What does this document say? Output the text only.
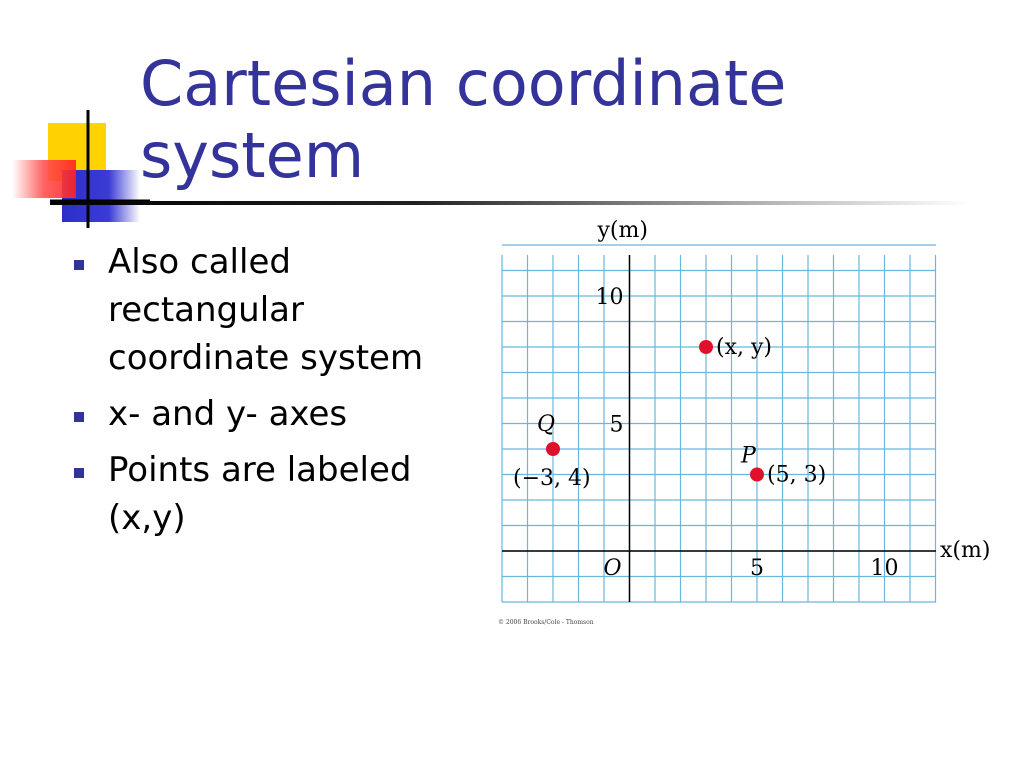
Cartesian coordinate system
Also called rectangular coordinate system
x- and y- axes
Points are labeled (x,y)
y(m)
x(m)
O	5	10
5
10
(x, y)
Q
(−3, 4)
P
(5, 3)
© 2006 Brooks/Cole - Thomson
